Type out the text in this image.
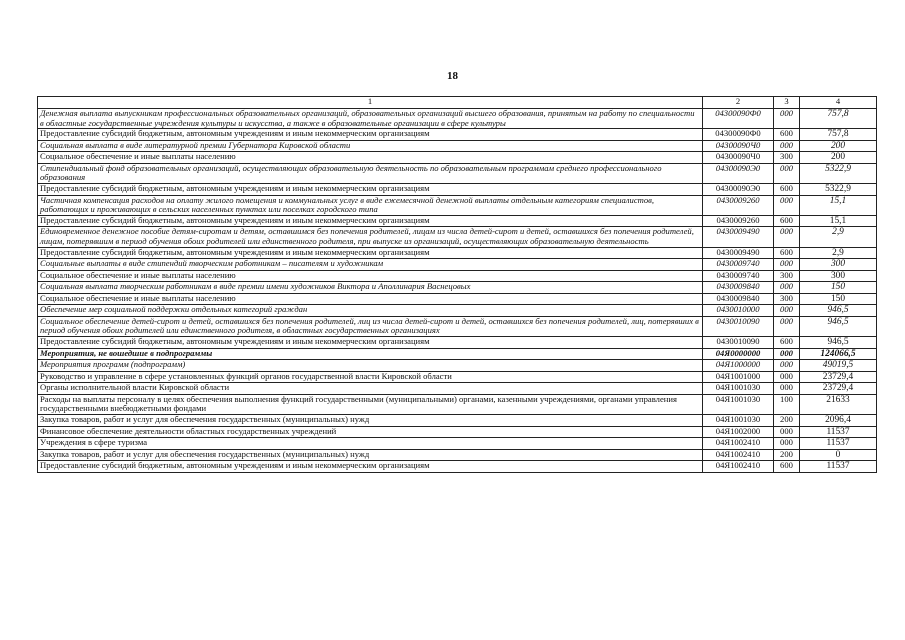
18
1	2	3	4
Денежная выплата выпускникам профессиональных образовательных организаций, образовательных организаций высшего образования, принятым на работу по специальности в областные государственные учреждения культуры и искусства, а также в образовательные организации в сфере культуры	04300090Ф0	000	757,8
Предоставление субсидий бюджетным, автономным учреждениям и иным некоммерческим организациям	04300090Ф0	600	757,8
Социальная выплата в виде литературной премии Губернатора Кировской области	04300090Ч0	000	200
Социальное обеспечение и иные выплаты населению	04300090Ч0	300	200
Стипендиальный фонд образовательных организаций, осуществляющих образовательную деятельность по образовательным программам среднего профессионального образования	04300090Э0	000	5322,9
Предоставление субсидий бюджетным, автономным учреждениям и иным некоммерческим организациям	04300090Э0	600	5322,9
Частичная компенсация расходов на оплату жилого помещения и коммунальных услуг в виде ежемесячной денежной выплаты отдельным категориям специалистов, работающих и проживающих в сельских населенных пунктах или поселках городского типа	0430009260	000	15,1
Предоставление субсидий бюджетным, автономным учреждениям и иным некоммерческим организациям	0430009260	600	15,1
Единовременное денежное пособие детям-сиротам и детям, оставшимся без попечения родителей, лицам из числа детей-сирот и детей, оставшихся без попечения родителей, лицам, потерявшим в период обучения обоих родителей или единственного родителя, при выпуске из организаций, осуществляющих образовательную деятельность	0430009490	000	2,9
Предоставление субсидий бюджетным, автономным учреждениям и иным некоммерческим организациям	0430009490	600	2,9
Социальные выплаты в виде стипендий творческим работникам – писателям и художникам	0430009740	000	300
Социальное обеспечение и иные выплаты населению	0430009740	300	300
Социальная выплата творческим работникам в виде премии имени художников Виктора и Аполлинария Васнецовых	0430009840	000	150
Социальное обеспечение и иные выплаты населению	0430009840	300	150
Обеспечение мер социальной поддержки отдельных категорий граждан	0430010000	000	946,5
Социальное обеспечение детей-сирот и детей, оставшихся без попечения родителей, лиц из числа детей-сирот и детей, оставшихся без попечения родителей, лиц, потерявших в период обучения обоих родителей или единственного родителя, в областных государственных организациях	0430010090	000	946,5
Предоставление субсидий бюджетным, автономным учреждениям и иным некоммерческим организациям	0430010090	600	946,5
Мероприятия, не вошедшие в подпрограммы	04Я0000000	000	124066,5
Мероприятия программ (подпрограмм)	04Я1000000	000	49019,5
Руководство и управление в сфере установленных функций органов государственной власти Кировской области	04Я1001000	000	23729,4
Органы исполнительной власти Кировской области	04Я1001030	000	23729,4
Расходы на выплаты персоналу в целях обеспечения выполнения функций государственными (муниципальными) органами, казенными учреждениями, органами управления государственными внебюджетными фондами	04Я1001030	100	21633
Закупка товаров, работ и услуг для обеспечения государственных (муниципальных) нужд	04Я1001030	200	2096,4
Финансовое обеспечение деятельности областных государственных учреждений	04Я1002000	000	11537
Учреждения в сфере туризма	04Я1002410	000	11537
Закупка товаров, работ и услуг для обеспечения государственных (муниципальных) нужд	04Я1002410	200	0
Предоставление субсидий бюджетным, автономным учреждениям и иным некоммерческим организациям	04Я1002410	600	11537
